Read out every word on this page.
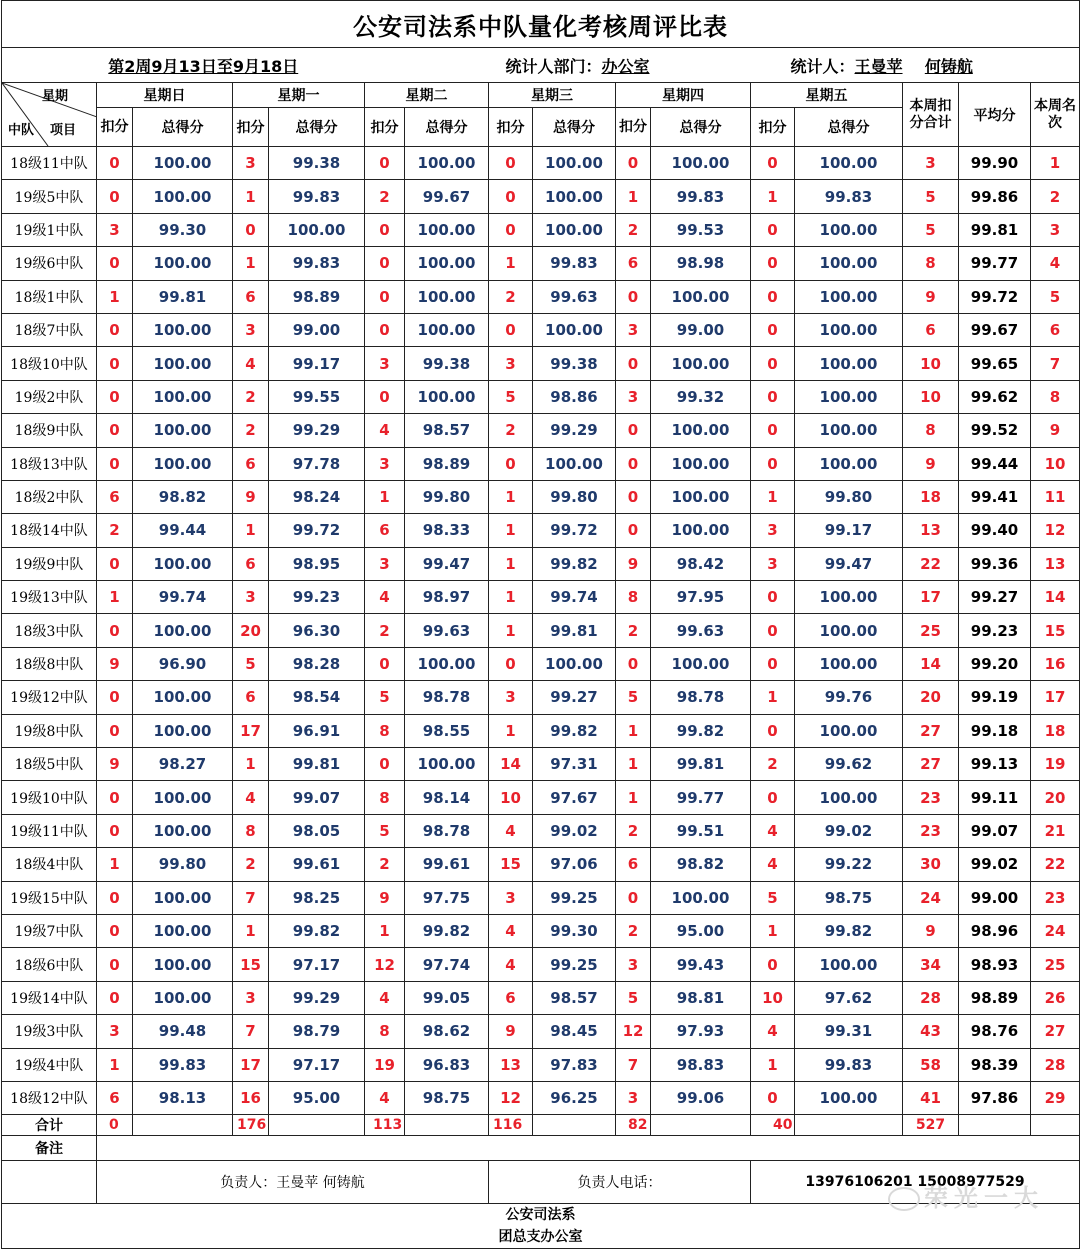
公安司法系中队量化考核周评比表															
第2周9月13日至9月18日						统计人部门：办公室					统计人：王曼苹 何铸航				

星期
中队 项目	星期日		星期一		星期二		星期三		星期四		星期五		本周扣分合计	平均分	本周名次
	扣分	总得分	扣分	总得分	扣分	总得分	扣分	总得分	扣分	总得分	扣分	总得分			
18级11中队	0	100.00	3	99.38	0	100.00	0	100.00	0	100.00	0	100.00	3	99.90	1
19级5中队	0	100.00	1	99.83	2	99.67	0	100.00	1	99.83	1	99.83	5	99.86	2
19级1中队	3	99.30	0	100.00	0	100.00	0	100.00	2	99.53	0	100.00	5	99.81	3
19级6中队	0	100.00	1	99.83	0	100.00	1	99.83	6	98.98	0	100.00	8	99.77	4
18级1中队	1	99.81	6	98.89	0	100.00	2	99.63	0	100.00	0	100.00	9	99.72	5
18级7中队	0	100.00	3	99.00	0	100.00	0	100.00	3	99.00	0	100.00	6	99.67	6
18级10中队	0	100.00	4	99.17	3	99.38	3	99.38	0	100.00	0	100.00	10	99.65	7
19级2中队	0	100.00	2	99.55	0	100.00	5	98.86	3	99.32	0	100.00	10	99.62	8
18级9中队	0	100.00	2	99.29	4	98.57	2	99.29	0	100.00	0	100.00	8	99.52	9
18级13中队	0	100.00	6	97.78	3	98.89	0	100.00	0	100.00	0	100.00	9	99.44	10
18级2中队	6	98.82	9	98.24	1	99.80	1	99.80	0	100.00	1	99.80	18	99.41	11
18级14中队	2	99.44	1	99.72	6	98.33	1	99.72	0	100.00	3	99.17	13	99.40	12
19级9中队	0	100.00	6	98.95	3	99.47	1	99.82	9	98.42	3	99.47	22	99.36	13
19级13中队	1	99.74	3	99.23	4	98.97	1	99.74	8	97.95	0	100.00	17	99.27	14
18级3中队	0	100.00	20	96.30	2	99.63	1	99.81	2	99.63	0	100.00	25	99.23	15
18级8中队	9	96.90	5	98.28	0	100.00	0	100.00	0	100.00	0	100.00	14	99.20	16
19级12中队	0	100.00	6	98.54	5	98.78	3	99.27	5	98.78	1	99.76	20	99.19	17
19级8中队	0	100.00	17	96.91	8	98.55	1	99.82	1	99.82	0	100.00	27	99.18	18
18级5中队	9	98.27	1	99.81	0	100.00	14	97.31	1	99.81	2	99.62	27	99.13	19
19级10中队	0	100.00	4	99.07	8	98.14	10	97.67	1	99.77	0	100.00	23	99.11	20
19级11中队	0	100.00	8	98.05	5	98.78	4	99.02	2	99.51	4	99.02	23	99.07	21
18级4中队	1	99.80	2	99.61	2	99.61	15	97.06	6	98.82	4	99.22	30	99.02	22
19级15中队	0	100.00	7	98.25	9	97.75	3	99.25	0	100.00	5	98.75	24	99.00	23
19级7中队	0	100.00	1	99.82	1	99.82	4	99.30	2	95.00	1	99.82	9	98.96	24
18级6中队	0	100.00	15	97.17	12	97.74	4	99.25	3	99.43	0	100.00	34	98.93	25
19级14中队	0	100.00	3	99.29	4	99.05	6	98.57	5	98.81	10	97.62	28	98.89	26
19级3中队	3	99.48	7	98.79	8	98.62	9	98.45	12	97.93	4	99.31	43	98.76	27
19级4中队	1	99.83	17	97.17	19	96.83	13	97.83	7	98.83	1	99.83	58	98.39	28
18级12中队	6	98.13	16	95.00	4	98.75	12	96.25	3	99.06	0	100.00	41	97.86	29
合计	0		176		113		116		82		40		527		
备注															
	负责人：王曼苹 何铸航						负责人电话：				13976106201 15008977529				

公安司法系
团总支办公室															
荣光一大
